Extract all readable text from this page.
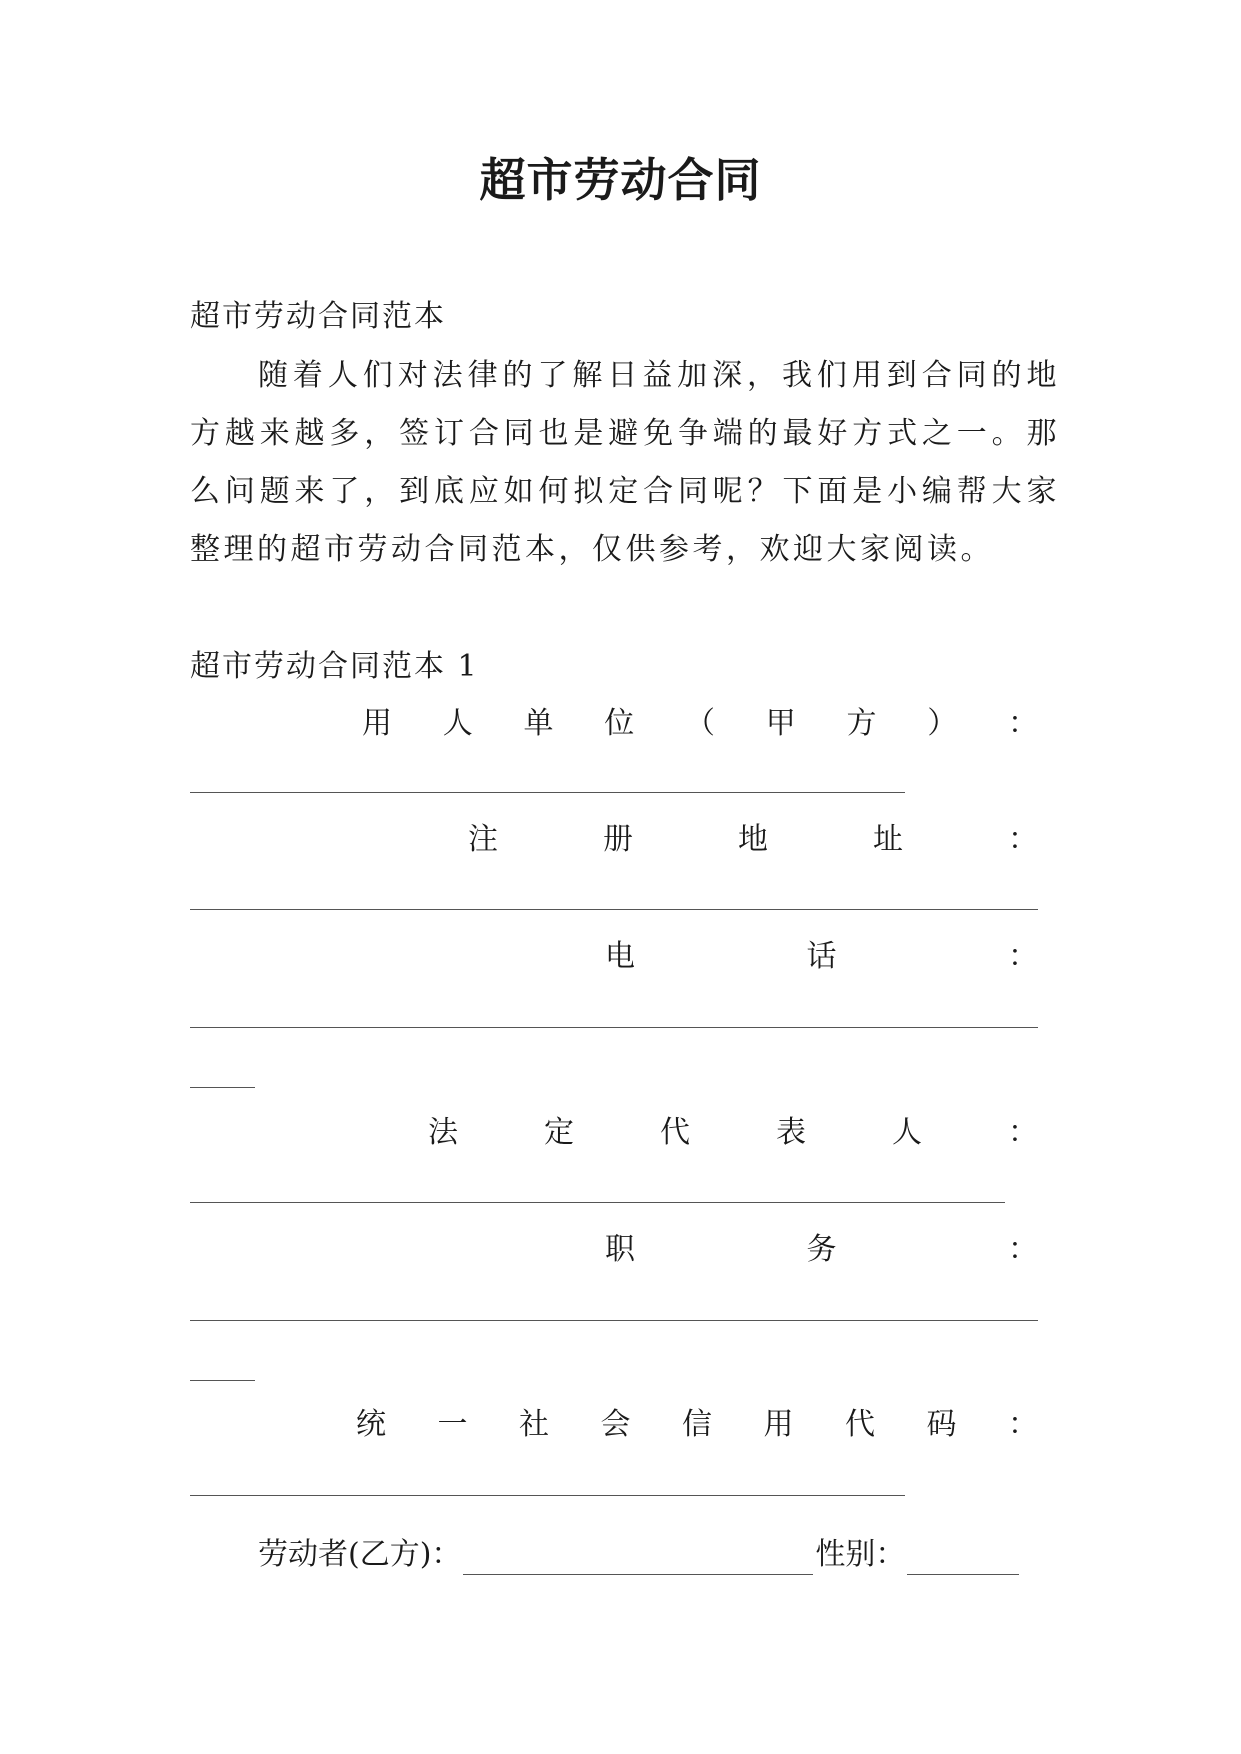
超市劳动合同
超市劳动合同范本
随着人们对法律的了解日益加深，我们用到合同的地方越来越多，签订合同也是避免争端的最好方式之一。那么问题来了，到底应如何拟定合同呢？下面是小编帮大家整理的超市劳动合同范本，仅供参考，欢迎大家阅读。
超市劳动合同范本 1
用 人 单 位 （ 甲 方 ） ：
注	册	地	址	：
电	话	：
法	定	代	表	人	：
职	务	：
统 一 社 会 信 用 代 码 ：
劳动者(乙方)：	性别：
